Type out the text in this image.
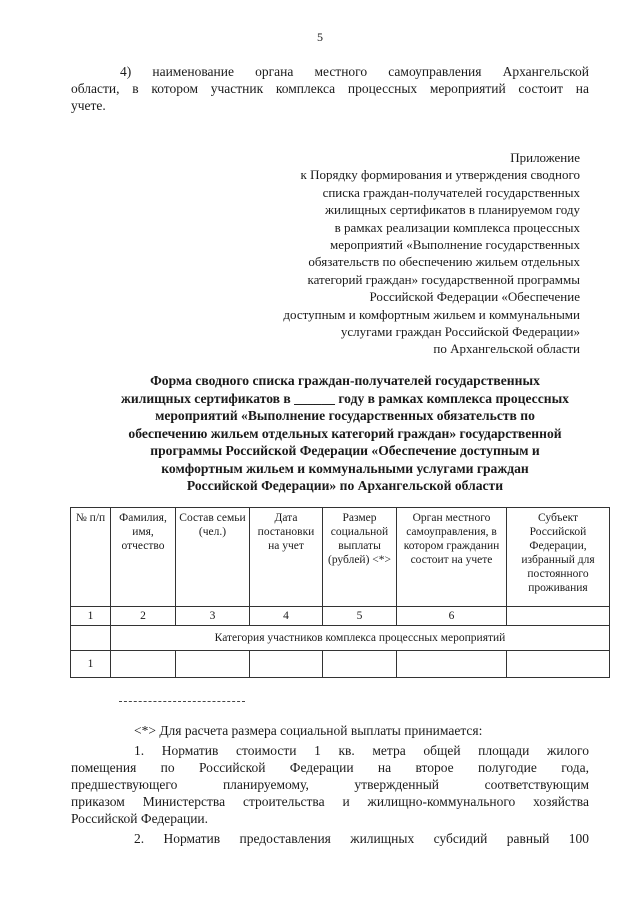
5
4) наименование органа местного самоуправления Архангельской
области, в котором участник комплекса процессных мероприятий состоит на
учете.
Приложение
к Порядку формирования и утверждения сводного
списка граждан-получателей государственных
жилищных сертификатов в планируемом году
в рамках реализации комплекса процессных
мероприятий «Выполнение государственных
обязательств по обеспечению жильем отдельных
категорий граждан» государственной программы
Российской Федерации «Обеспечение
доступным и комфортным жильем и коммунальными
услугами граждан Российской Федерации»
по Архангельской области
Форма сводного списка граждан-получателей государственных
жилищных сертификатов в ______ году в рамках комплекса процессных
мероприятий «Выполнение государственных обязательств по
обеспечению жильем отдельных категорий граждан» государственной
программы Российской Федерации «Обеспечение доступным и
комфортным жильем и коммунальными услугами граждан
Российской Федерации» по Архангельской области
№ п/п	Фамилия, имя, отчество	Состав семьи (чел.)	Дата постановки на учет	Размер социальной выплаты (рублей) <*>	Орган местного самоуправления, в котором гражданин состоит на учете	Субъект Российской Федерации, избранный для постоянного проживания
1	2	3	4	5	6	
	Категория участников комплекса процессных мероприятий					
1						
<*> Для расчета размера социальной выплаты принимается:
1. Норматив стоимости 1 кв. метра общей площади жилого
помещения по Российской Федерации на второе полугодие года,
предшествующего планируемому, утвержденный соответствующим
приказом Министерства строительства и жилищно-коммунального хозяйства
Российской Федерации.
2. Норматив предоставления жилищных субсидий равный 100
